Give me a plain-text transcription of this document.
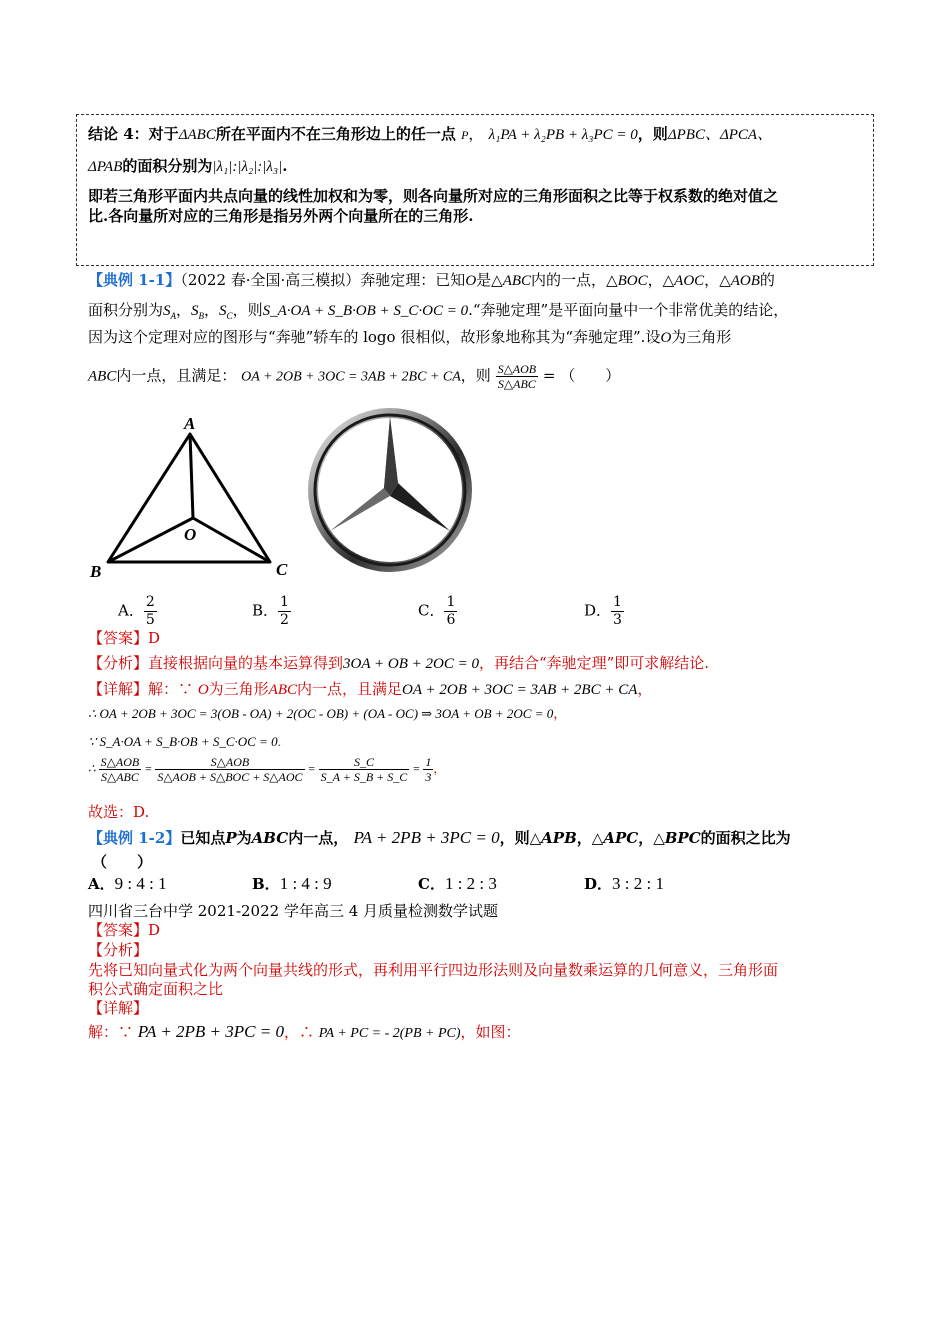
结论 4：对于ΔABC所在平面内不在三角形边上的任一点 P， λ₁PA + λ₂PB + λ₃PC = 0，则ΔPBC、ΔPCA、
ΔPAB的面积分别为|λ₁|:|λ₂|:|λ₃|.
即若三角形平面内共点向量的线性加权和为零，则各向量所对应的三角形面积之比等于权系数的绝对值之
比.各向量所对应的三角形是指另外两个向量所在的三角形.
【典例 1-1】（2022 春·全国·高三模拟）奔驰定理：已知O是△ABC内的一点，△BOC，△AOC，△AOB的
面积分别为$S_A$，$S_B$，$S_C$，则S_A·OA + S_B·OB + S_C·OC = 0.“奔驰定理”是平面向量中一个非常优美的结论，
因为这个定理对应的图形与“奔驰”轿车的 logo 很相似，故形象地称其为“奔驰定理”.设O为三角形
ABC内一点，且满足： OA + 2OB + 3OC = 3AB + 2BC + CA，则 $\frac{\text{S△AOB}}{\text{S△ABC}}$ = （　　）
A
B	C
O
A． $\frac{2}{5}$	B． $\frac{1}{2}$	C． $\frac{1}{6}$	D． $\frac{1}{3}$
【答案】D
【分析】直接根据向量的基本运算得到3OA + OB + 2OC = 0，再结合“奔驰定理”即可求解结论.
【详解】解：∵ O为三角形ABC内一点，且满足OA + 2OB + 3OC = 3AB + 2BC + CA，
∴ OA + 2OB + 3OC = 3(OB - OA) + 2(OC - OB) + (OA - OC) ⇒ 3OA + OB + 2OC = 0，
∵ S_A·OA + S_B·OB + S_C·OC = 0.
∴ $\frac{\text{S△AOB}}{\text{S△ABC}} = \frac{\text{S△AOB}}{\text{S△AOB + S△BOC + S△AOC}} = \frac{S\_C}{S\_A + S\_B + S\_C} = \frac{1}{3}$ ，
故选：D.
【典例 1-2】已知点P为ABC内一点， PA + 2PB + 3PC = 0，则△APB，△APC，△BPC的面积之比为
（　　）
A．9 : 4 : 1	B．1 : 4 : 9	C．1 : 2 : 3	D．3 : 2 : 1
四川省三台中学 2021-2022 学年高三 4 月质量检测数学试题
【答案】D
【分析】
先将已知向量式化为两个向量共线的形式，再利用平行四边形法则及向量数乘运算的几何意义，三角形面
积公式确定面积之比
【详解】
解：∵ PA + 2PB + 3PC = 0，∴ PA + PC = - 2(PB + PC)，如图：
